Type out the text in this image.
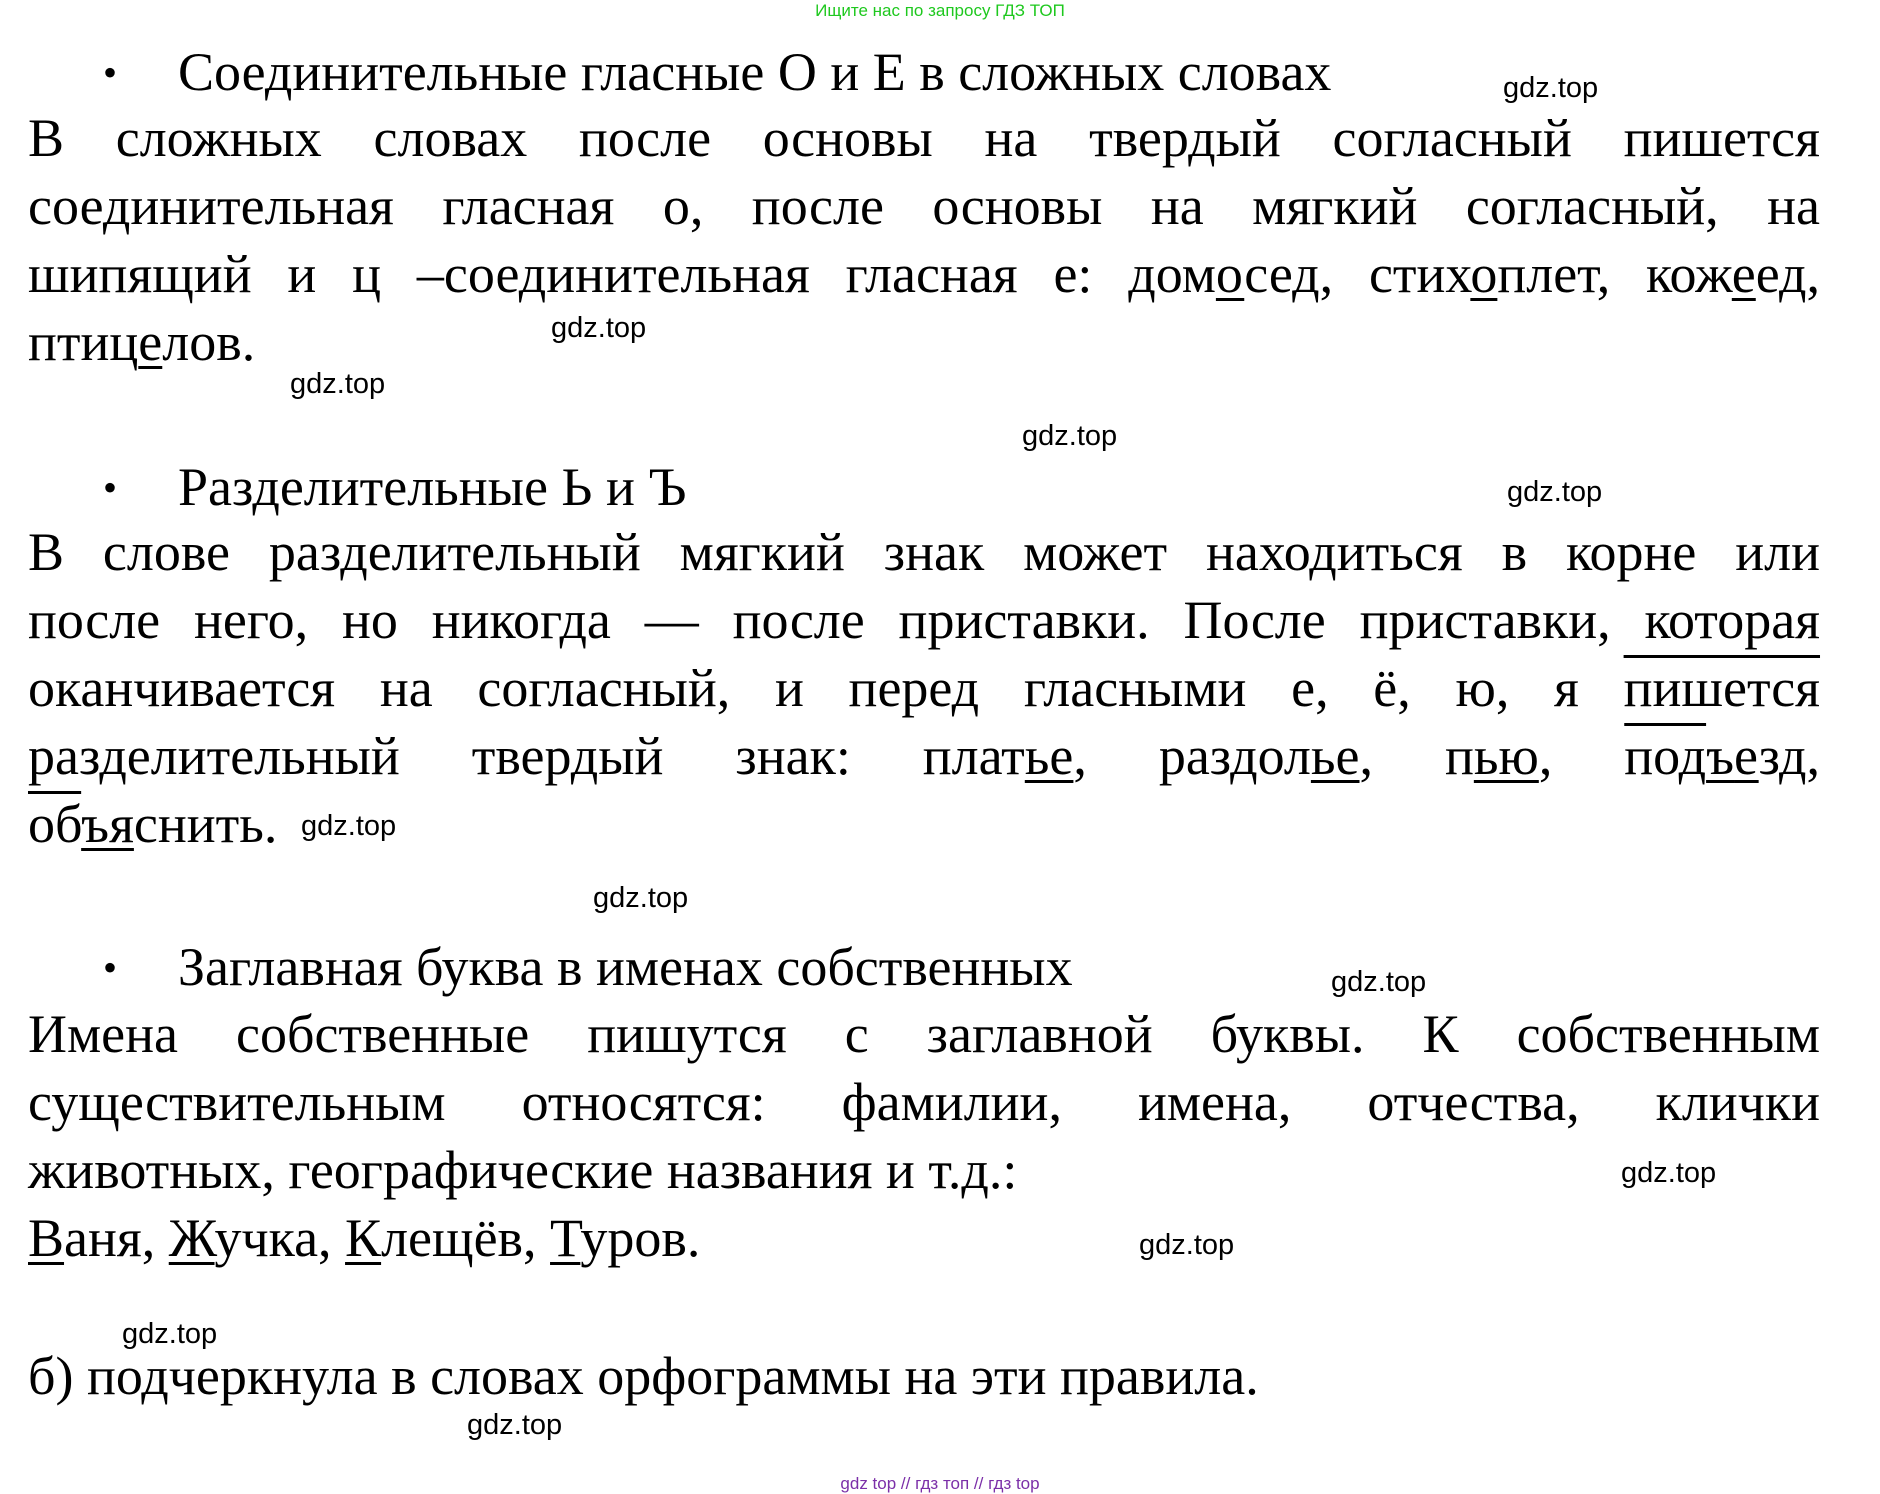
Ищите нас по запросу ГДЗ ТОП
• Соединительные гласные О и Е в сложных словах
В сложных словах после основы на твердый согласный пишется
соединительная гласная о, после основы на мягкий согласный, на
шипящий и ц –соединительная гласная е: домосед, стихоплет, кожеед,
птицелов.
• Разделительные Ь и Ъ
В слове разделительный мягкий знак может находиться в корне или
после него, но никогда — после приставки. После приставки, которая
оканчивается на согласный, и перед гласными е, ё, ю, я пишется
разделительный твердый знак: платье, раздолье, пью, подъезд,
объяснить.
• Заглавная буква в именах собственных
Имена собственные пишутся с заглавной буквы. К собственным
существительным относятся: фамилии, имена, отчества, клички
животных, географические названия и т.д.:
Ваня, Жучка, Клещёв, Туров.
б) подчеркнула в словах орфограммы на эти правила.
gdz.top
gdz.top
gdz.top
gdz.top
gdz.top
gdz.top
gdz.top
gdz.top
gdz.top
gdz.top
gdz.top
gdz.top
gdz top // гдз топ // гдз top
